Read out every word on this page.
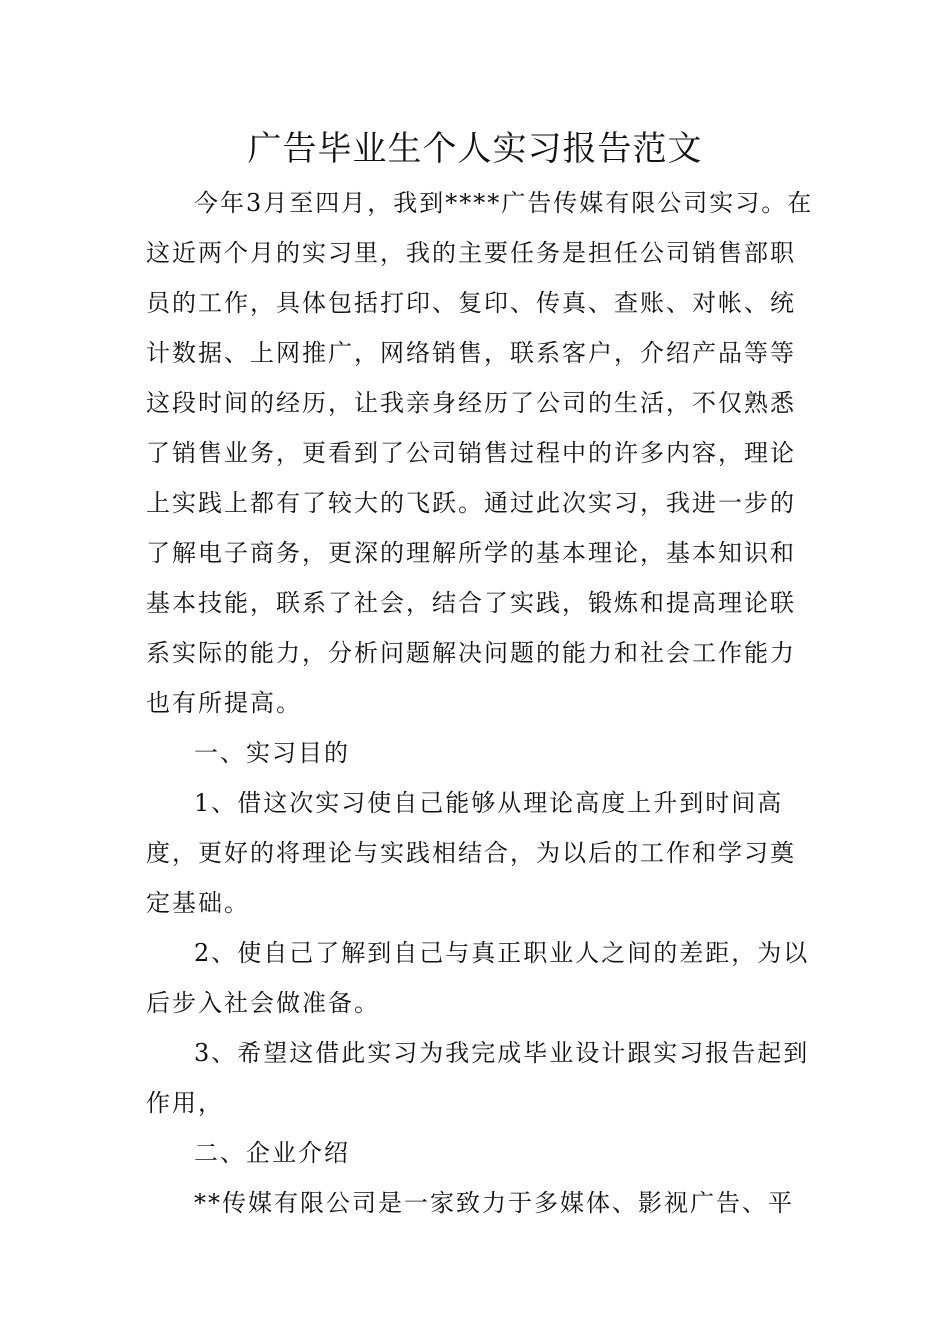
广告毕业生个人实习报告范文

今年3月至四月，我到****广告传媒有限公司实习。在这近两个月的实习里，我的主要任务是担任公司销售部职员的工作，具体包括打印、复印、传真、查账、对帐、统计数据、上网推广，网络销售，联系客户，介绍产品等等这段时间的经历，让我亲身经历了公司的生活，不仅熟悉了销售业务，更看到了公司销售过程中的许多内容，理论上实践上都有了较大的飞跃。通过此次实习，我进一步的了解电子商务，更深的理解所学的基本理论，基本知识和基本技能，联系了社会，结合了实践，锻炼和提高理论联系实际的能力，分析问题解决问题的能力和社会工作能力也有所提高。

一、实习目的

1、借这次实习使自己能够从理论高度上升到时间高度，更好的将理论与实践相结合，为以后的工作和学习奠定基础。

2、使自己了解到自己与真正职业人之间的差距，为以后步入社会做准备。

3、希望这借此实习为我完成毕业设计跟实习报告起到作用，

二、企业介绍

**传媒有限公司是一家致力于多媒体、影视广告、平
